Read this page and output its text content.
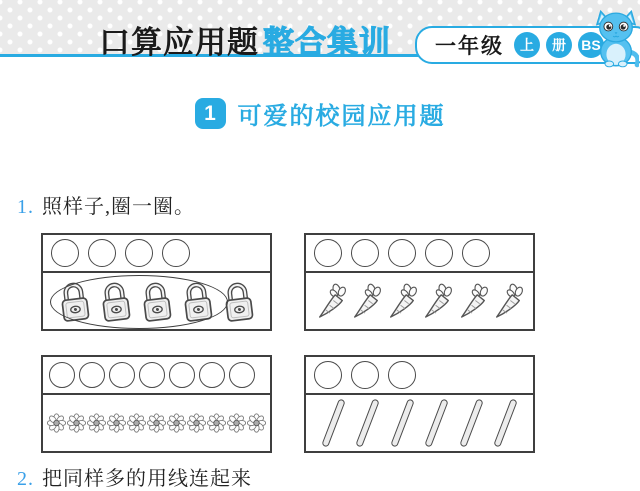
口算应用题 整合集训 一年级	上	册	BS
1 可爱的校园应用题
1. 照样子,圈一圈。
2. 把同样多的用线连起来
